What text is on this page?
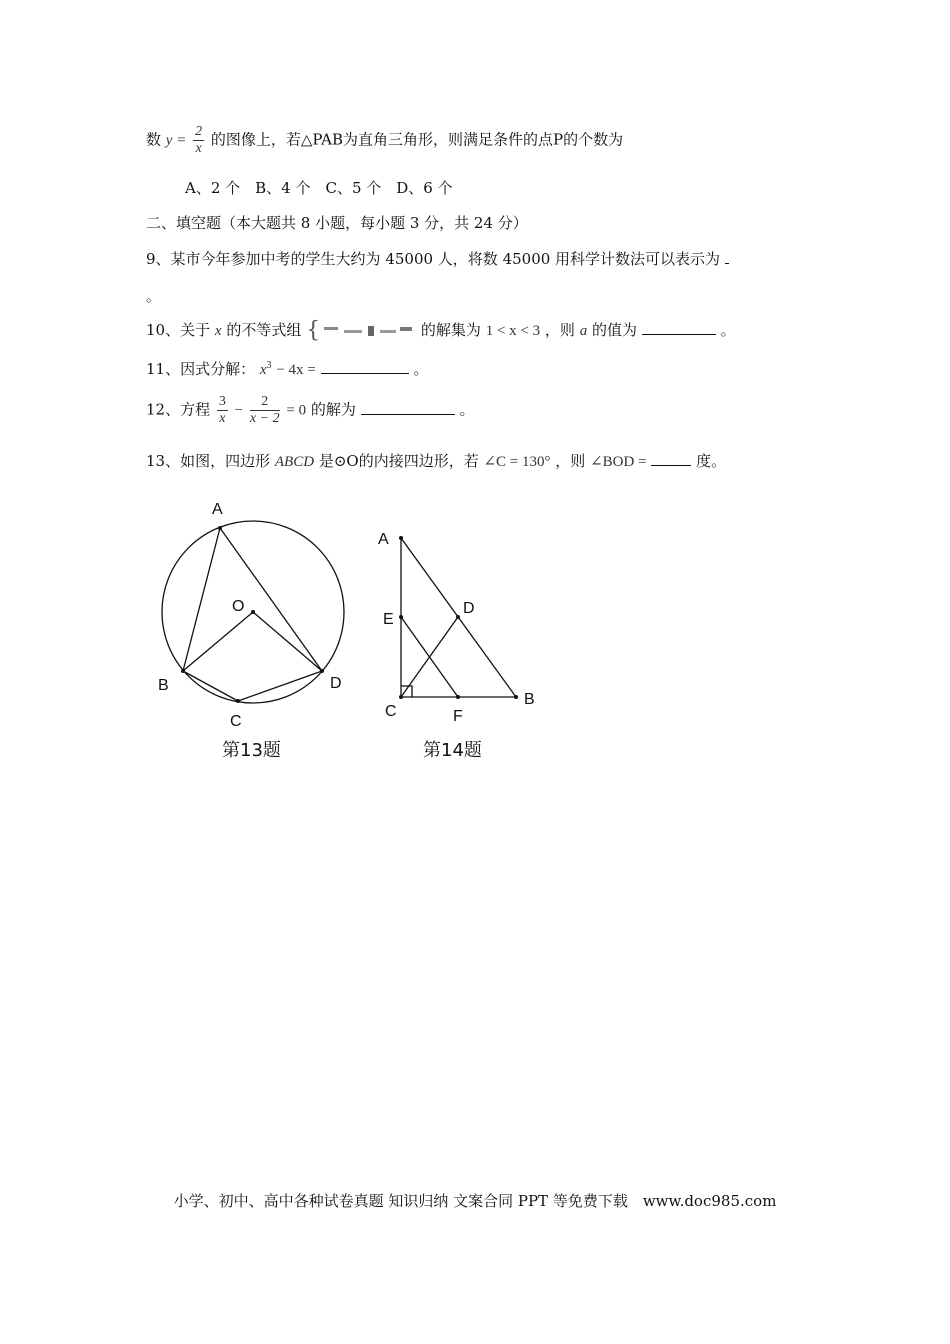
数 $y = \frac{2}{x}$ 的图像上，若△PAB为直角三角形，则满足条件的点P的个数为
A、2 个　B、4 个　C、5 个　D、6 个
二、填空题（本大题共 8 小题，每小题 3 分，共 24 分）
9、某市今年参加中考的学生大约为 45000 人，将数 45000 用科学计数法可以表示为
。
10、关于 x 的不等式组 {	的解集为 1 < x < 3 ，则 a 的值为	。
11、因式分解： $x^3 - 4x$ =	。
12、方程 $\frac{3}{x} - \frac{2}{x - 2} = 0$ 的解为	。
13、如图，四边形 ABCD 是⊙O的内接四边形，若 ∠C = 130° ，则 ∠BOD =	度。
A
O
B	D
C
第13题
A
E
D
C	F
B
第14题
小学、初中、高中各种试卷真题 知识归纳 文案合同 PPT 等免费下载　www.doc985.com
